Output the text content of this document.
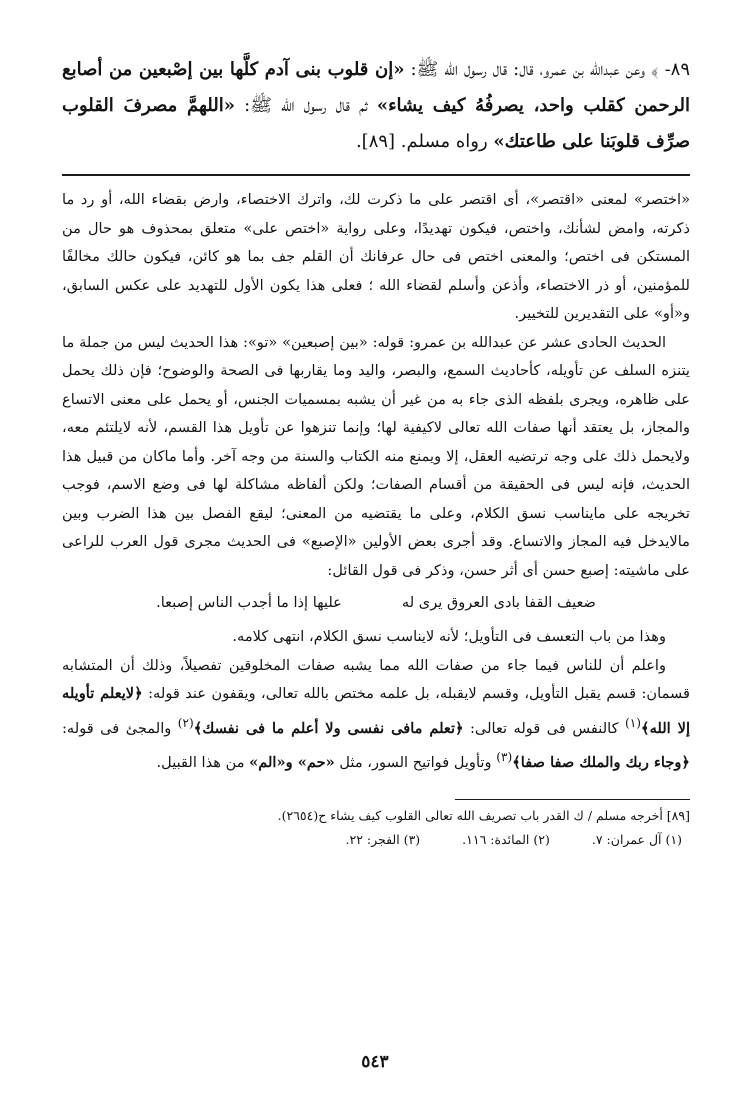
٨٩- ﴾ وعن عبدالله بن عمرو، قال: قال رسول الله ﷺ: «إن قلوب بنى آدم كلَّها بين إصْبعين من أصابع الرحمن كقلب واحد، يصرفُهُ كيف يشاء» ثم قال رسول الله ﷺ: «اللهمَّ مصرفَ القلوب صرِّف قلوبَنا على طاعتك» رواه مسلم. [٨٩].

«اختصر» لمعنى «اقتصر»، أى اقتصر على ما ذكرت لك، واترك الاختصاء، وارض بقضاء الله، أو رد ما ذكرته، وامض لشأنك، واختص، فيكون تهديدًا، وعلى رواية «اختص على» متعلق بمحذوف هو حال من المستكن فى اختص؛ والمعنى اختص فى حال عرفانك أن القلم جف بما هو كائن، فيكون حالك مخالفًا للمؤمنين، أو ذر الاختصاء، وأذعن وأسلم لقضاء الله ؛ فعلى هذا يكون الأول للتهديد على عكس السابق، و«أو» على التقديرين للتخيير.

الحديث الحادى عشر عن عبدالله بن عمرو: قوله: «بين إصبعين» «تو»: هذا الحديث ليس من جملة ما يتنزه السلف عن تأويله، كأحاديث السمع، والبصر، واليد وما يقاربها فى الصحة والوضوح؛ فإن ذلك يحمل على ظاهره، ويجرى بلفظه الذى جاء به من غير أن يشبه بمسميات الجنس، أو يحمل على معنى الاتساع والمجاز، بل يعتقد أنها صفات الله تعالى لاكيفية لها؛ وإنما تنزهوا عن تأويل هذا القسم، لأنه لايلتئم معه، ولايحمل ذلك على وجه ترتضيه العقل، إلا ويمنع منه الكتاب والسنة من وجه آخر. وأما ماكان من قبيل هذا الحديث، فإنه ليس فى الحقيقة من أقسام الصفات؛ ولكن ألفاظه مشاكلة لها فى وضع الاسم، فوجب تخريجه على مايناسب نسق الكلام، وعلى ما يقتضيه من المعنى؛ ليقع الفصل بين هذا الضرب وبين مالايدخل فيه المجاز والاتساع. وقد أجرى بعض الأولين «الإصبع» فى الحديث مجرى قول العرب للراعى على ماشيته: إصبع حسن أى أثر حسن، وذكر فى قول القائل:

ضعيف القفا بادى العروق يرى له
عليها إذا ما أجدب الناس إصبعا.

وهذا من باب التعسف فى التأويل؛ لأنه لايناسب نسق الكلام، انتهى كلامه.

واعلم أن للناس فيما جاء من صفات الله مما يشبه صفات المخلوقين تفصيلاً، وذلك أن المتشابه قسمان: قسم يقبل التأويل، وقسم لايقبله، بل علمه مختص بالله تعالى، ويقفون عند قوله: ﴿لايعلم تأويله إلا الله﴾$^{(١)}$ كالنفس فى قوله تعالى: ﴿تعلم مافى نفسى ولا أعلم ما فى نفسك﴾$^{(٢)}$ والمجئ فى قوله: ﴿وجاء ربك والملك صفا صفا﴾$^{(٣)}$ وتأويل فواتيح السور، مثل «حم» و«الم» من هذا القبيل.

[٨٩] أخرجه مسلم / ك القدر باب تصريف الله تعالى القلوب كيف يشاء ح(٢٦٥٤).

(١) آل عمران: ٧.
(٢) المائدة: ١١٦.
(٣) الفجر: ٢٢.
٥٤٣
